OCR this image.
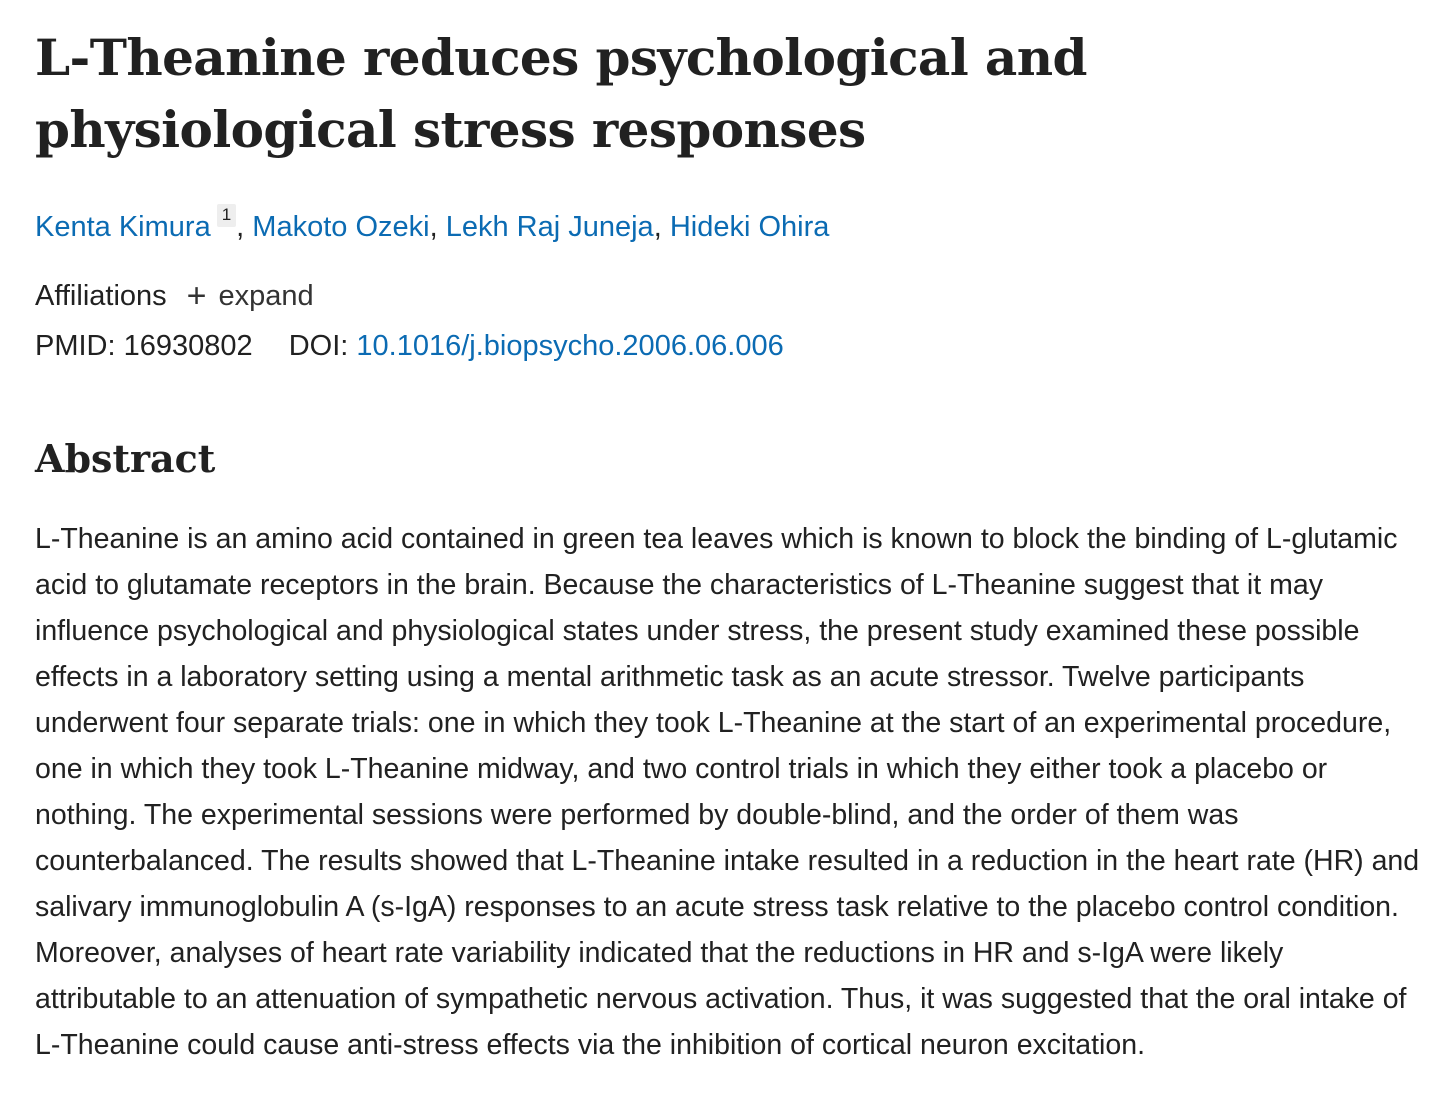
L‑Theanine reduces psychological and physiological stress responses
Kenta Kimura 1 , Makoto Ozeki, Lekh Raj Juneja, Hideki Ohira
Affiliations + expand
PMID: 16930802 DOI: 10.1016/j.biopsycho.2006.06.006
Abstract

L-Theanine is an amino acid contained in green tea leaves which is known to block the binding of L-glutamic acid to glutamate receptors in the brain. Because the characteristics of L-Theanine suggest that it may influence psychological and physiological states under stress, the present study examined these possible effects in a laboratory setting using a mental arithmetic task as an acute stressor. Twelve participants underwent four separate trials: one in which they took L-Theanine at the start of an experimental procedure, one in which they took L-Theanine midway, and two control trials in which they either took a placebo or nothing. The experimental sessions were performed by double-blind, and the order of them was counterbalanced. The results showed that L-Theanine intake resulted in a reduction in the heart rate (HR) and salivary immunoglobulin A (s-IgA) responses to an acute stress task relative to the placebo control condition. Moreover, analyses of heart rate variability indicated that the reductions in HR and s-IgA were likely attributable to an attenuation of sympathetic nervous activation. Thus, it was suggested that the oral intake of L-Theanine could cause anti-stress effects via the inhibition of cortical neuron excitation.
